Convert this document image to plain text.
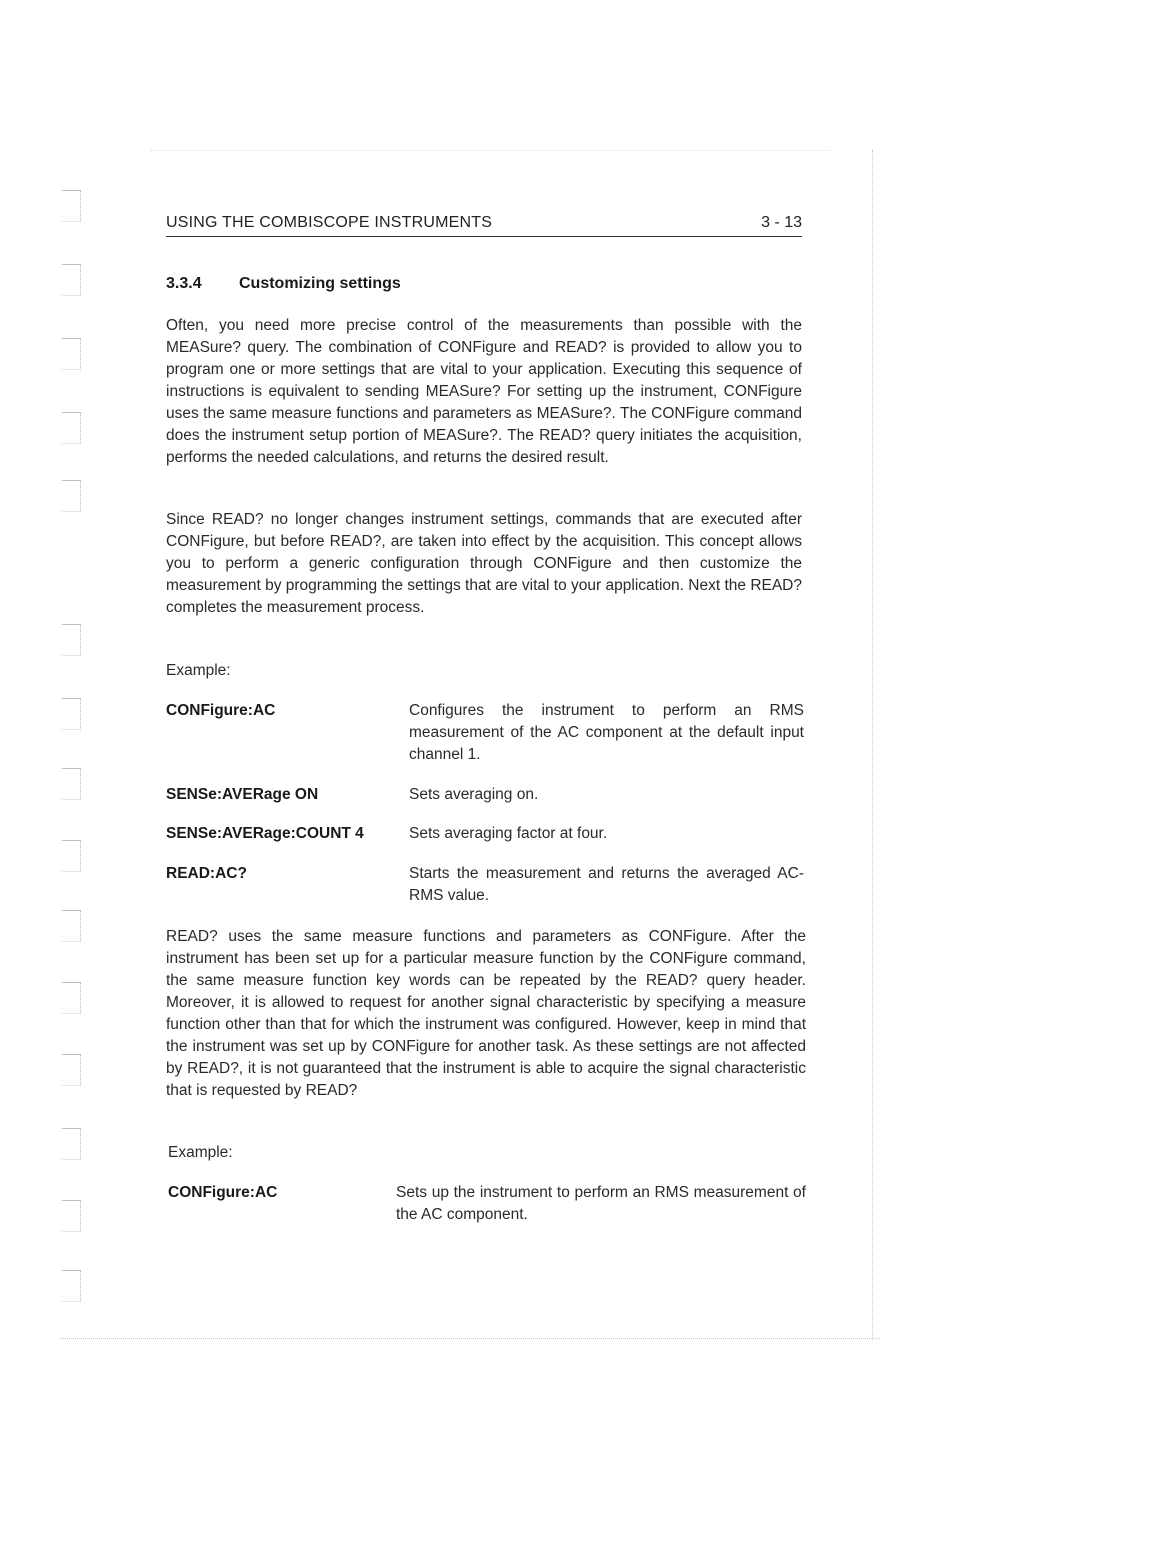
USING THE COMBISCOPE INSTRUMENTS	3 - 13
3.3.4 Customizing settings

Often, you need more precise control of the measurements than possible with the MEASure? query. The combination of CONFigure and READ? is provided to allow you to program one or more settings that are vital to your application. Executing this sequence of instructions is equivalent to sending MEASure? For setting up the instrument, CONFigure uses the same measure functions and parameters as MEASure?. The CONFigure command does the instrument setup portion of MEASure?. The READ? query initiates the acquisition, performs the needed calculations, and returns the desired result.

Since READ? no longer changes instrument settings, commands that are executed after CONFigure, but before READ?, are taken into effect by the acquisition. This concept allows you to perform a generic configuration through CONFigure and then customize the measurement by programming the settings that are vital to your application. Next the READ? completes the measurement process.

Example:
CONFigure:AC	Configures the instrument to perform an RMS measurement of the AC component at the default input channel 1.
SENSe:AVERage ON	Sets averaging on.
SENSe:AVERage:COUNT 4	Sets averaging factor at four.
READ:AC?	Starts the measurement and returns the averaged AC-RMS value.

READ? uses the same measure functions and parameters as CONFigure. After the instrument has been set up for a particular measure function by the CONFigure command, the same measure function key words can be repeated by the READ? query header. Moreover, it is allowed to request for another signal characteristic by specifying a measure function other than that for which the instrument was configured. However, keep in mind that the instrument was set up by CONFigure for another task. As these settings are not affected by READ?, it is not guaranteed that the instrument is able to acquire the signal characteristic that is requested by READ?

Example:
CONFigure:AC	Sets up the instrument to perform an RMS measurement of the AC component.
